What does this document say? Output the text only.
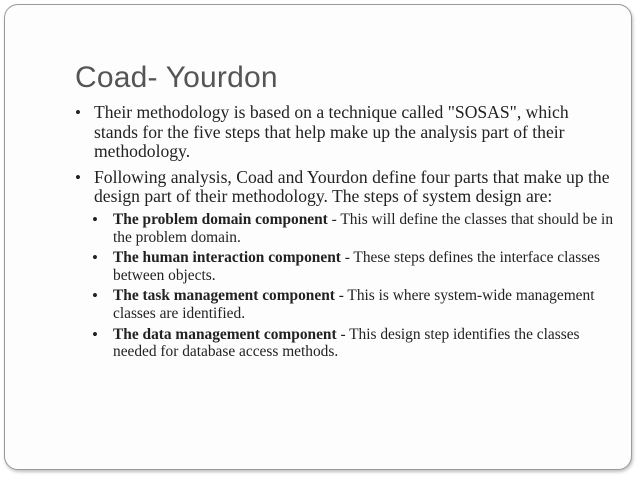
Coad- Yourdon
• Their methodology is based on a technique called "SOSAS", which stands for the five steps that help make up the analysis part of their methodology.
• Following analysis, Coad and Yourdon define four parts that make up the design part of their methodology. The steps of system design are:
• The problem domain component - This will define the classes that should be in the problem domain.
• The human interaction component - These steps defines the interface classes between objects.
• The task management component - This is where system-wide management classes are identified.
• The data management component - This design step identifies the classes needed for database access methods.
